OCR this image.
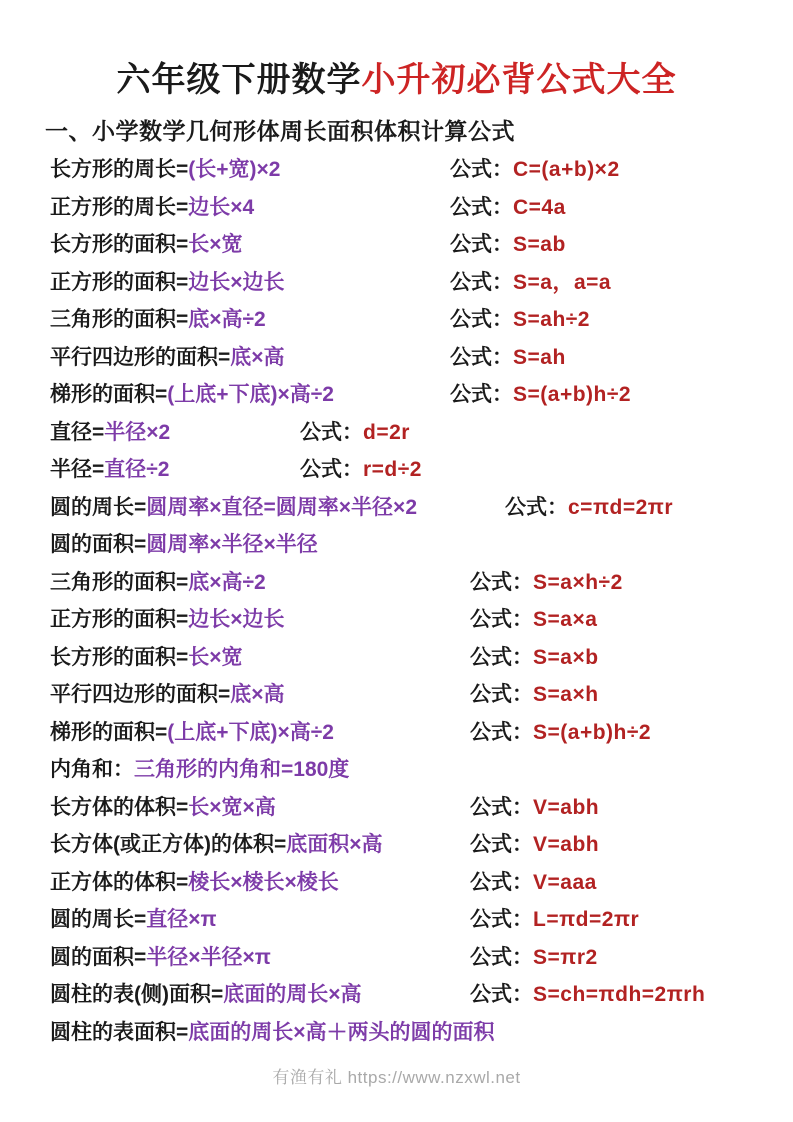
六年级下册数学小升初必背公式大全
一、小学数学几何形体周长面积体积计算公式
长方形的周长=(长+宽)×2	公式：C=(a+b)×2
正方形的周长=边长×4	公式：C=4a
长方形的面积=长×宽	公式：S=ab
正方形的面积=边长×边长	公式：S=a，a=a
三角形的面积=底×高÷2	公式：S=ah÷2
平行四边形的面积=底×高	公式：S=ah
梯形的面积=(上底+下底)×高÷2	公式：S=(a+b)h÷2
直径=半径×2	公式：d=2r
半径=直径÷2	公式：r=d÷2
圆的周长=圆周率×直径=圆周率×半径×2	公式：c=πd=2πr
圆的面积=圆周率×半径×半径
三角形的面积=底×高÷2	公式：S=a×h÷2
正方形的面积=边长×边长	公式：S=a×a
长方形的面积=长×宽	公式：S=a×b
平行四边形的面积=底×高	公式：S=a×h
梯形的面积=(上底+下底)×高÷2	公式：S=(a+b)h÷2
内角和：三角形的内角和=180度
长方体的体积=长×宽×高	公式：V=abh
长方体(或正方体)的体积=底面积×高	公式：V=abh
正方体的体积=棱长×棱长×棱长	公式：V=aaa
圆的周长=直径×π	公式：L=πd=2πr
圆的面积=半径×半径×π	公式：S=πr2
圆柱的表(侧)面积=底面的周长×高	公式：S=ch=πdh=2πrh
圆柱的表面积=底面的周长×高＋两头的圆的面积
有渔有礼 https://www.nzxwl.net
